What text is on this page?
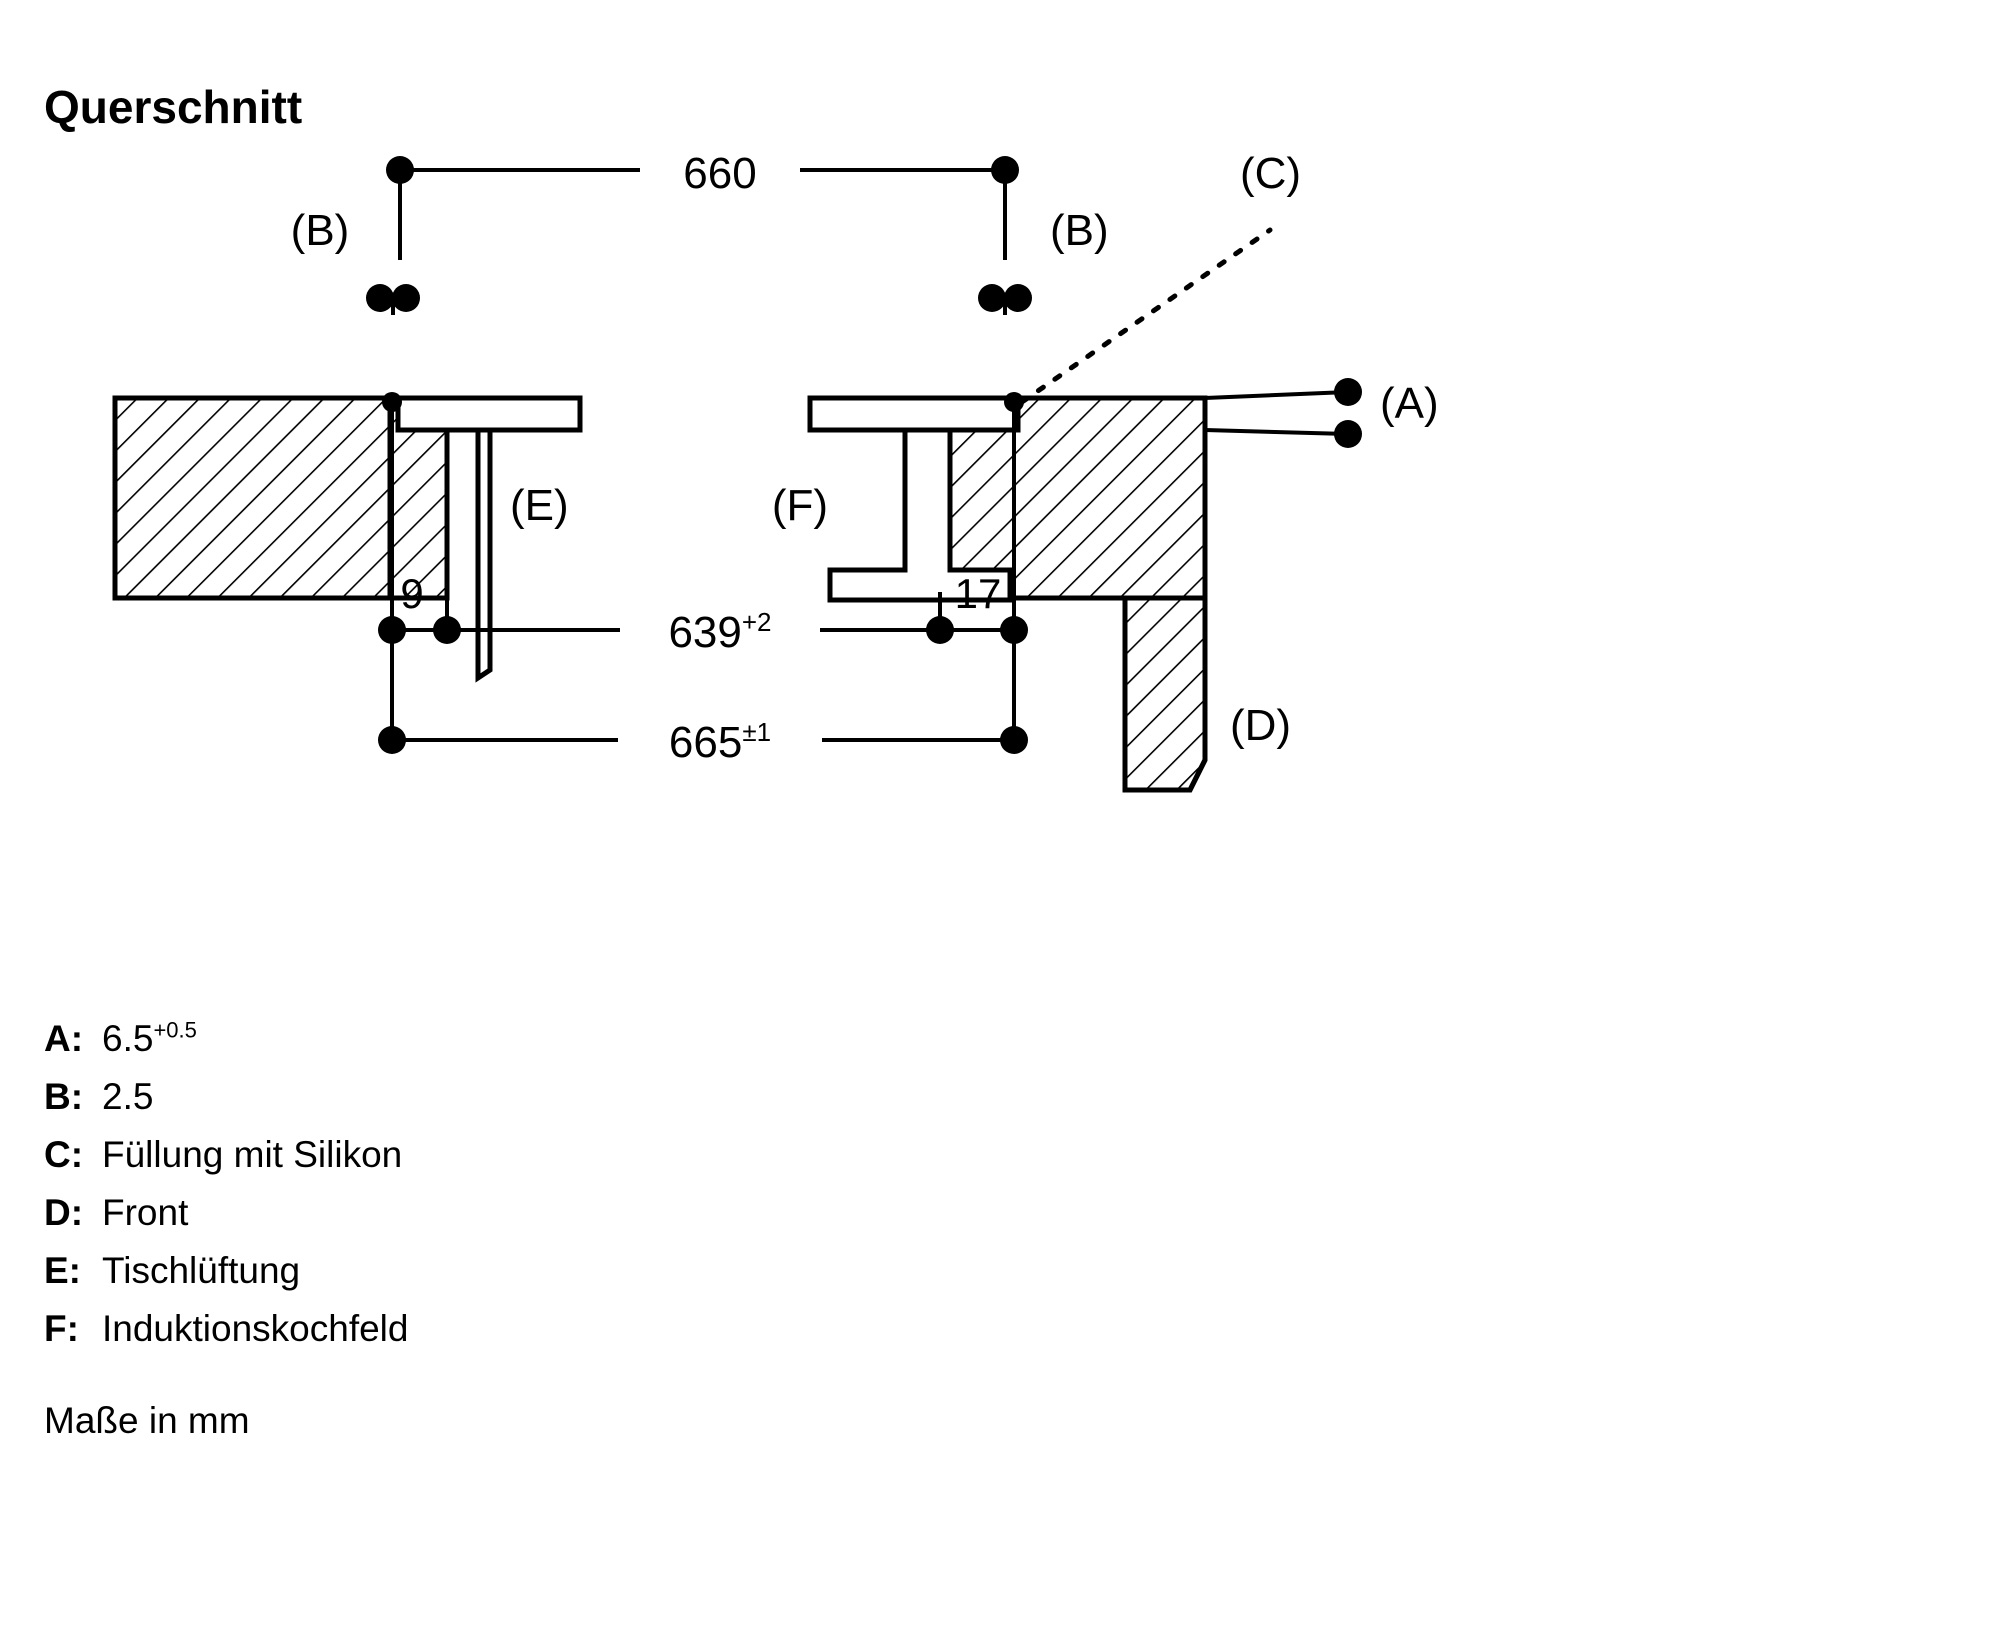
Querschnitt
660
9	17
$639^{+2}$
$665^{\pm 1}$
(B)	(B)
(C)
(A)
(E)	(F)
(D)
A: $6.5^{+0.5}$
B: 2.5
C: Füllung mit Silikon
D: Front
E: Tischlüftung
F: Induktionskochfeld
Maße in mm
